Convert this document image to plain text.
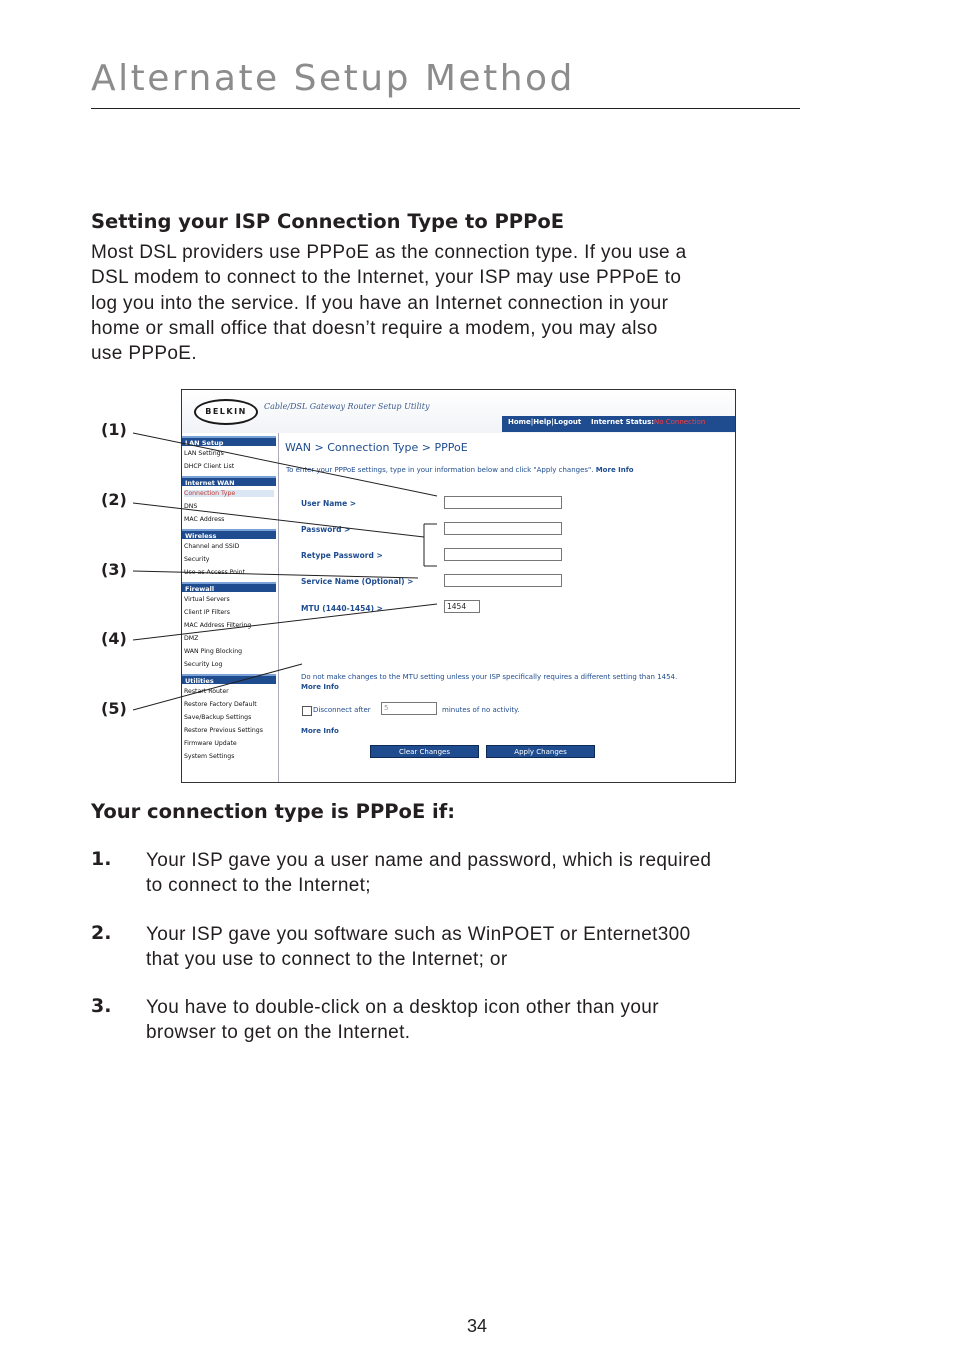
Alternate Setup Method
Setting your ISP Connection Type to PPPoE
Most DSL providers use PPPoE as the connection type. If you use a
DSL modem to connect to the Internet, your ISP may use PPPoE to
log you into the service. If you have an Internet connection in your
home or small office that doesn’t require a modem, you may also
use PPPoE.
BELKIN
Cable/DSL Gateway Router Setup Utility
Home|Help|Logout Internet Status: No Connection
LAN Setup
LAN Settings
DHCP Client List
Internet WAN
Connection Type
DNS
MAC Address
Wireless
Channel and SSID
Security
Use as Access Point
Firewall
Virtual Servers
Client IP Filters
MAC Address Filtering
DMZ
WAN Ping Blocking
Security Log
Utilities
Restart Router
Restore Factory Default
Save/Backup Settings
Restore Previous Settings
Firmware Update
System Settings
WAN > Connection Type > PPPoE
To enter your PPPoE settings, type in your information below and click "Apply changes". More Info
User Name >
Password >
Retype Password >
Service Name (Optional) >
MTU (1440-1454) >	1454
Do not make changes to the MTU setting unless your ISP specifically requires a different setting than 1454. More Info
Disconnect after	5	minutes of no activity.
More Info
Clear Changes	Apply Changes
(1)
(2)
(3)
(4)
(5)
Your connection type is PPPoE if:
1. Your ISP gave you a user name and password, which is required
to connect to the Internet;
2. Your ISP gave you software such as WinPOET or Enternet300
that you use to connect to the Internet; or
3. You have to double-click on a desktop icon other than your
browser to get on the Internet.
34
